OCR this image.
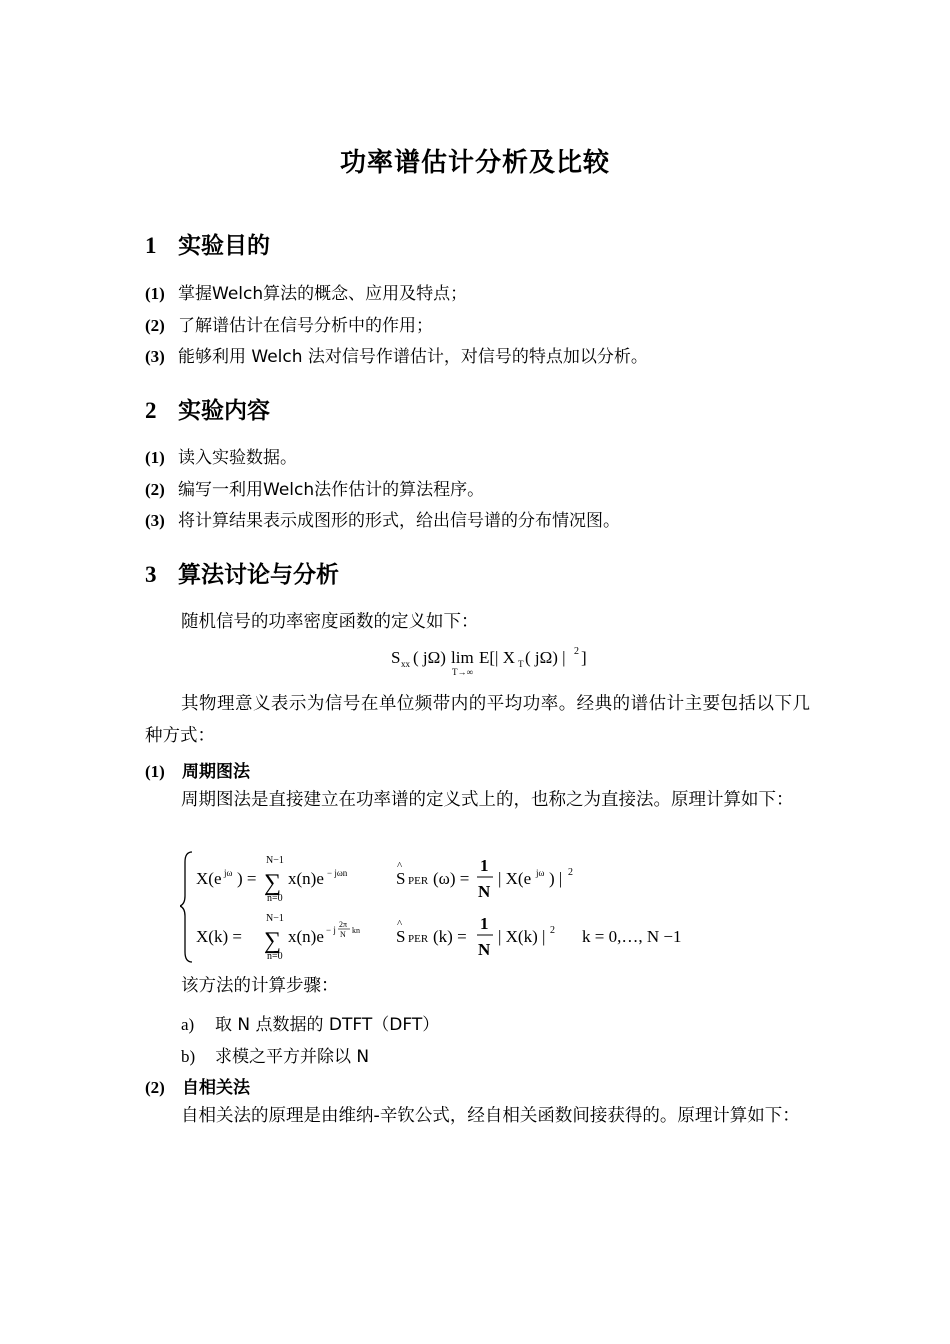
功率谱估计分析及比较
1 实验目的
(1) 掌握Welch算法的概念、应用及特点；
(2) 了解谱估计在信号分析中的作用；
(3) 能够利用 Welch 法对信号作谱估计，对信号的特点加以分析。
2 实验内容
(1) 读入实验数据。
(2) 编写一利用Welch法作估计的算法程序。
(3) 将计算结果表示成图形的形式，给出信号谱的分布情况图。
3 算法讨论与分析
随机信号的功率密度函数的定义如下：
S xx ( jΩ) lim
T→∞
E[| X T ( jΩ) | 2 ]
其物理意义表示为信号在单位频带内的平均功率。经典的谱估计主要包括以下几种方式：
(1) 周期图法
周期图法是直接建立在功率谱的定义式上的，也称之为直接法。原理计算如下：
X(e jω ) =
N−1
∑
n=0
x(n)e − jωn
^
S PER (ω) =
1
N
| X(e jω ) | 2
X(k) =
N−1
∑
n=0
x(n)e − j
2π
N kn
^
S PER (k) =
1
N
| X(k) | 2 k = 0,…, N −1
该方法的计算步骤：
a) 取 N 点数据的 DTFT（DFT）
b) 求模之平方并除以 N
(2) 自相关法
自相关法的原理是由维纳-辛钦公式，经自相关函数间接获得的。原理计算如下：
